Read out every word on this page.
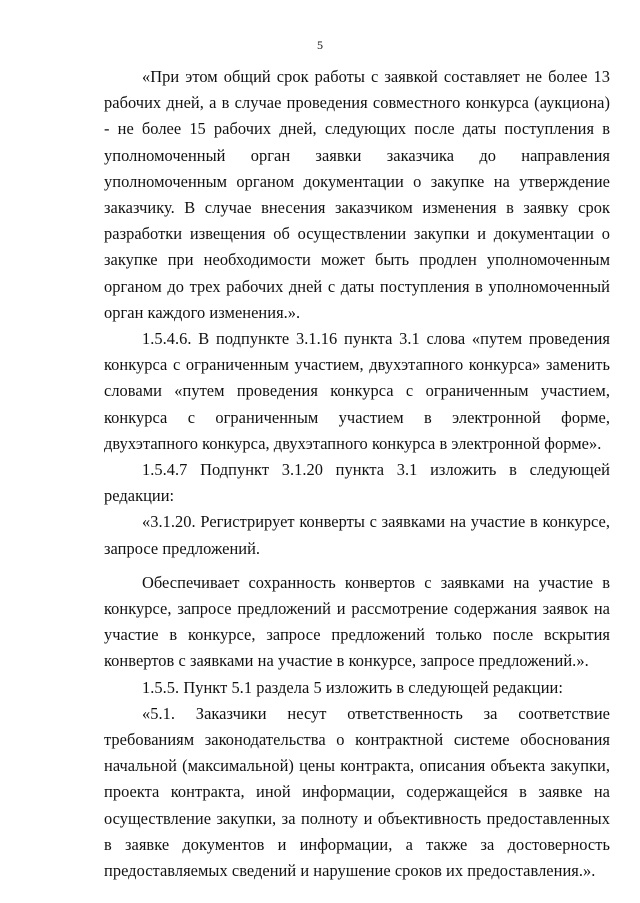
5

«При этом общий срок работы с заявкой составляет не более 13 рабочих дней, а в случае проведения совместного конкурса (аукциона) - не более 15 рабочих дней, следующих после даты поступления в уполномоченный орган заявки заказчика до направления уполномоченным органом документации о закупке на утверждение заказчику. В случае внесения заказчиком изменения в заявку срок разработки извещения об осуществлении закупки и документации о закупке при необходимости может быть продлен уполномоченным органом до трех рабочих дней с даты поступления в уполномоченный орган каждого изменения.».

1.5.4.6. В подпункте 3.1.16 пункта 3.1 слова «путем проведения конкурса с ограниченным участием, двухэтапного конкурса» заменить словами «путем проведения конкурса с ограниченным участием, конкурса с ограниченным участием в электронной форме, двухэтапного конкурса, двухэтапного конкурса в электронной форме».

1.5.4.7 Подпункт 3.1.20 пункта 3.1 изложить в следующей редакции:

«3.1.20. Регистрирует конверты с заявками на участие в конкурсе, запросе предложений.

Обеспечивает сохранность конвертов с заявками на участие в конкурсе, запросе предложений и рассмотрение содержания заявок на участие в конкурсе, запросе предложений только после вскрытия конвертов с заявками на участие в конкурсе, запросе предложений.».

1.5.5. Пункт 5.1 раздела 5 изложить в следующей редакции:

«5.1. Заказчики несут ответственность за соответствие требованиям законодательства о контрактной системе обоснования начальной (максимальной) цены контракта, описания объекта закупки, проекта контракта, иной информации, содержащейся в заявке на осуществление закупки, за полноту и объективность предоставленных в заявке документов и информации, а также за достоверность предоставляемых сведений и нарушение сроков их предоставления.».
